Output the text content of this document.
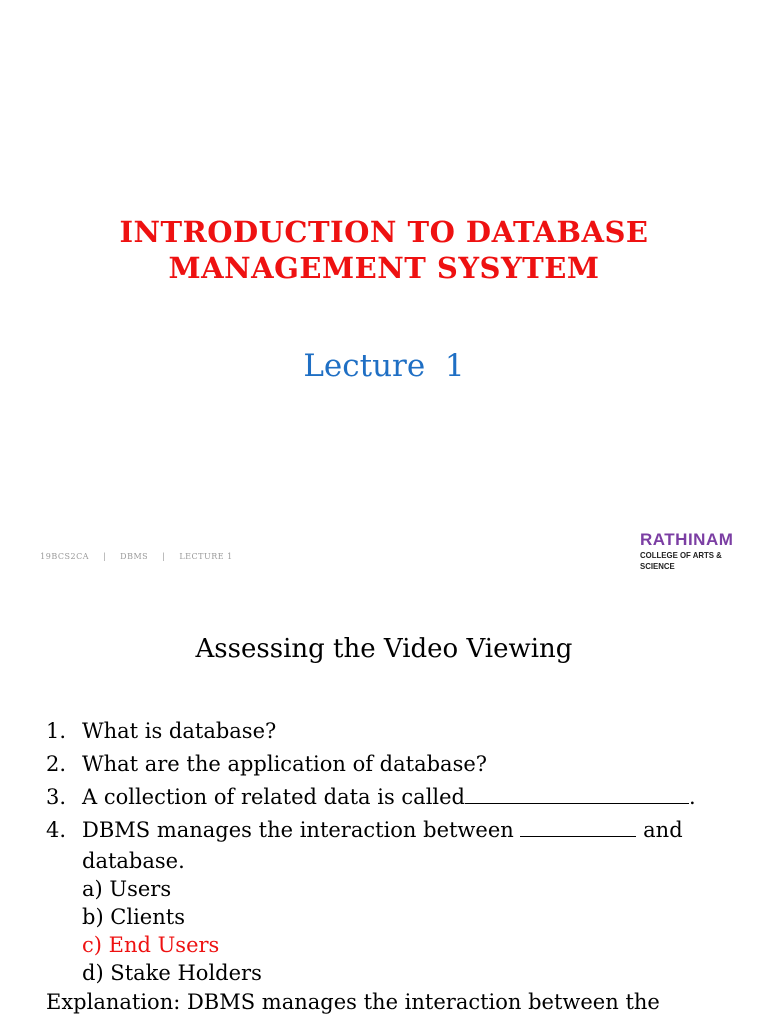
INTRODUCTION TO DATABASE
MANAGEMENT SYSYTEM
Lecture  1

19BCS2CA | DBMS | LECTURE 1

RATHINAM
COLLEGE OF ARTS & SCIENCE
Assessing the Video Viewing
1. What is database?
2. What are the application of database?
3. A collection of related data is called	.
4. DBMS manages the interaction between	and
database.
a) Users
b) Clients
c) End Users
d) Stake Holders
Explanation: DBMS manages the interaction between the
